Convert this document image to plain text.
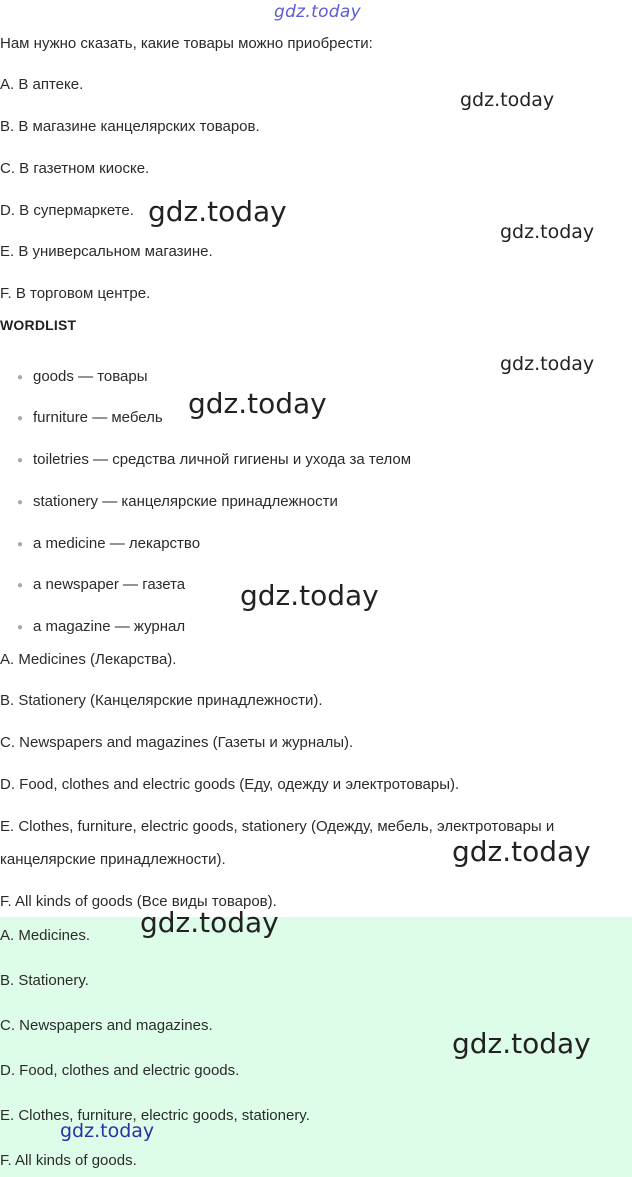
gdz.today
Нам нужно сказать, какие товары можно приобрести:
A. В аптеке.
B. В магазине канцелярских товаров.
C. В газетном киоске.
D. В супермаркете.
E. В универсальном магазине.
F. В торговом центре.
WORDLIST
● goods — товары
● furniture — мебель
● toiletries — средства личной гигиены и ухода за телом
● stationery — канцелярские принадлежности
● a medicine — лекарство
● a newspaper — газета
● a magazine — журнал
A. Medicines (Лекарства).
B. Stationery (Канцелярские принадлежности).
C. Newspapers and magazines (Газеты и журналы).
D. Food, clothes and electric goods (Еду, одежду и электротовары).
E. Clothes, furniture, electric goods, stationery (Одежду, мебель, электротовары и
канцелярские принадлежности).
F. All kinds of goods (Все виды товаров).
A. Medicines.
B. Stationery.
C. Newspapers and magazines.
D. Food, clothes and electric goods.
E. Clothes, furniture, electric goods, stationery.
F. All kinds of goods.
gdz.today
gdz.today
gdz.today
gdz.today
gdz.today
gdz.today
gdz.today
gdz.today
gdz.today
gdz.today
